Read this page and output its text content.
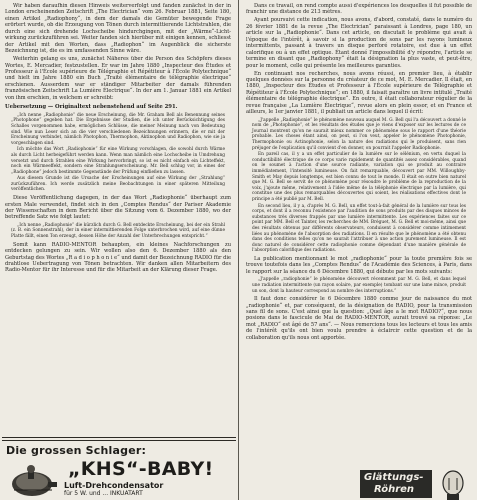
Wir haben daraufhin diesen Hinweis weiterverfolgt und fanden zunächst in der in London erscheinenden Zeitschrift „The Electrician“ vom 26. Februar 1881, Seite 180, einen Artikel „Radiophony“, in dem der damals die Gemüter bewegende Frage erörtert wurde, ob die Erzeugung von Tönen durch intermittierende Lichtstrahlen, die durch eine sich drehende Lochscheibe hindurchgingen, mit der „Wärme“-Licht-wirkung zurückzuführen sei. Weiter fanden sich hierüber mit einigen kennen, schliesst der Artikel mit den Worten, dass „Radiophon“ im Augenblick die sicherste Bezeichnung ist, die es im umfassenden Sinne wäre.

Weiterhin gelang es uns, zunächst Näheres über die Person des Schöpfers dieses Wortes, E. Mercadier, festzustellen. Er war im Jahre 1880 „Inspecteur des Études et Professeur à l'École supérieure de Télégraphie et Répétiteur à l'École Polytechnique“ und hielt im Jahre 1880 ein Buch „Traité élémentaire de télégraphie électrique“ erschienen. Ausserdem war er ständiger Mitarbeiter der damals führenden französischen Zeitschrift La Lumière Électrique“. In der am 1. Januar 1881 ein Artikel von ihm erschien, in welchem er schreibt:

Uebersetzung — Originaltext nebenstehend auf Seite 291.

„Ich nenne „Radiophonie“ die neue Erscheinung, die Mr. Graham Bell als Benennung seines „Photophone“ gegeben hat. Die Ergebnisse der Studien, die ich unter Berücksichtigung des Schalles vorgenommen habe, ermöglichen Schlüsse, die meiner Meinung nach von Bedeutung sind. Wie nun Leser sich an die vier verschiedenen Bezeichnungen erinnern, die er mit der Erscheinung verbindet, nämlich Photophon, Thermophon, Aktinophon und Radiophon, wie sie ja vorgeschlagen sind.

Ich möchte das Wort „Radiophonie“ für eine Wirkung vorschlagen, die sowohl durch Wärme als durch Licht herbeigeführt werden kann. Wenn man nämlich eine Lochscheibe in Umdrehung versetzt und durch Strahlen eine Wirkung hervorbringt, so ist es nicht einfach ein Lichteffekt, noch ein Wärmeeffekt, sondern eine Strahlungserscheinung. Mr. Bell schlug vor, in eines der „Radiophone“ jedoch bestimmte Gegenstände der Prüfung einfließen zu lassen.

Aus diesem Grunde ist die Ursache der Erscheinungen auf eine Wirkung der „Strahlung“ zurückzuführen. Ich werde zusätzlich meine Beobachtungen in einer späteren Mitteilung veröffentlichen.

Diese Veröffentlichung dagegen, in der das Wort „Radiophonie“ überhaupt zum ersten Male verwendet, findet sich in den „Comptes Rendus“ der Pariser Akademie der Wissenschaften in dem Bericht über die Sitzung vom 6. Dezember 1880, wo der betreffende Satz wie folgt lautet:

„Ich nenne „Radiophonie“ die kürzlich durch G. Bell entdeckte Erscheinung, bei der ein Strahl (z. B. ein Sonnenstrahl), der in einer intermittierenden Folge unterbrochen wird, auf eine dünne Platte fällt, einen Ton erzeugt, dessen Höhe der Anzahl der Unterbrechungen entspricht.“

Somit kann RADIO-MENTOR behaupten, ein kleines Nachforschungen zu entdecken gelungen zu sein. Wir wollen also den 6. Dezember 1880 als den Geburtstag des Wortes „R a d i o p h o n i e“ und damit der Bezeichnung RADIO für die drahtlose Uebertragung von Tönen betrachten. Wir danken allen Mitarbeitern des Radio-Mentor für ihr Interesse und für die Mitarbeit an der Klärung dieser Frage.

Dans ce travail, on rend compte aussi d'expériences los desquelles il fut possible de franchir une distance de 213 mètres.

Ayant poursuivi cette indication, nous avons, d'abord, constaté, dans le numéro du 26 février 1881 de la revue „The Electrician“ paraissant à Londres, page 180, un article sur la „Radiophonie“. Dans cet article, on discutait le problème qui avait à l'époque de l'intérêt, à savoir si la production de sons par les rayons lumineux intermittents, passant à travers un disque perforé rotatoire, est due à un effet calorifique ou à un effet optique. Étant donné l'impossibilité d'y répondre, l'article se termine en disant que „Radiophony“ était la désignation la plus vaste, et peut-être, pour le moment, celle qui présente les meilleures garanties.

En continuant nos recherches, nous avons réussi, en premier lieu, à établir quelques données sur la personne du créateur de ce mot, M. E. Mercadier. Il était, en 1880, „Inspecteur des Études et Professeur à l'École supérieure de Télégraphie et Répétiteur à l'École Polytechnique“; en 1880, il faisait paraître un livre intitulé „Traité élémentaire de télégraphie électrique“. En outre, il était collaborateur régulier de la revue française „La Lumière Électrique“, revue alors en plein essor, et en France et ailleurs, le 1er janvier 1881, il publiait un article dans lequel il écrit:

„J'appelle „Radiophonie“ le phénomène nouveau auquel M. G. Bell qui l'a découvert a donné le nom de „Photophonie“, et les résultats des études que je viens d'exposer sur les lectures de ce Journal montrent qu'on ne saurait mieux nommer ce phénomène sous le rapport d'une théorie probable. Les choses étant ainsi, on peut, si l'on veut, appeler le phénomène Photophonie, Thermophonie ou Actinophonie, selon la nature des radiations qui le produisent, sans rien préjuger de l'explication qu'il convient d'en donner, on pourrait l'appeler Radiophonie.

En pareil cas, il y a un effet particulier de la lumière sur le sélénium, en vertu duquel la conductibilité électrique de ce corps varie rapidement de quantités assez considérables, quand on le soumet à l'action d'une source radiante, variation qui se produit au contraire immédiatement, l'intensité lumineuse. On fait remarquable, découvert par MM. Willoughby-Smith et May depuis longtemps, est bien connu de tout le monde. Il était en outre bien naturel que M. G. Bell se servit de ce phénomène pour résoudre le problème de la reproduction de la voix, j'ajoute même, relativement à l'idée même de la téléphonie électrique par la lumière, qui constitue une des plus remarquables découvertes qui soient, les réalisations effectives dont le principe a été publié par M. Bell.

En second lieu, il y a, d'après M. G. Bell, un effet tout-à-fait général de la lumière sur tous les corps, et dont il a reconnu l'existence par l'audition de sons produits par des disques minces de substances très diverses frappés par une lumière intermittente. Les expériences faites sur ce point par MM. Bell et Tainter, les recherches de MM. Bréguet, M. G. Bell et moi-même, ainsi que des résultats obtenus par différents observateurs, conduisent à considérer comme intimement liées au phénomène de l'absorption des radiations. Il en résulte que le phénomène a été obtenu dans des conditions telles qu'on ne saurait l'attribuer à une action purement lumineuse. Il est donc naturel de considérer cette radiophonie comme dépendant d'une manière générale de l'absorption calorifique des radiations.

La publication mentionnant le mot „radiophonie“ pour la toute première fois se trouve toutefois dans les „Comptes Rendus“ de l'Académie des Sciences, à Paris, dans le rapport sur la séance du 6 Décembre 1880, qui débute par les mots suivants:

„J'appelle „radiophonie“ le phénomène découvert récemment par M. G. Bell, et dans lequel une radiation intermittente (un rayon solaire, par exemple) tombant sur une lame mince, produit un son, dont la hauteur correspond au nombre des interruptions.“

Il faut donc considérer le 6 Décembre 1880 comme jour de naissance du mot „radiophonie“ et, par conséquent, de la désignation de RADIO, pour la transmission sans fil de sons. C'est ainsi que la question: „Quel âge a le mot RADIO?“, que nous posions dans le fascicule de Mai de RADIO-MENTOR, aurait trouvé sa réponse: „Le mot „RADIO“ est âgé de 57 ans“. — Nous remercions tous les lecteurs et tous les amis de l'intérêt qu'ils ont bien voulu prendre à éclaircir cette question et de la collaboration qu'ils nous ont apportée.

Die grossen Schlager:
„KHS“-BABY!
Luft-Drehcondensator
für 5 W. und ... INKUATART
Glättungs-
Röhren
